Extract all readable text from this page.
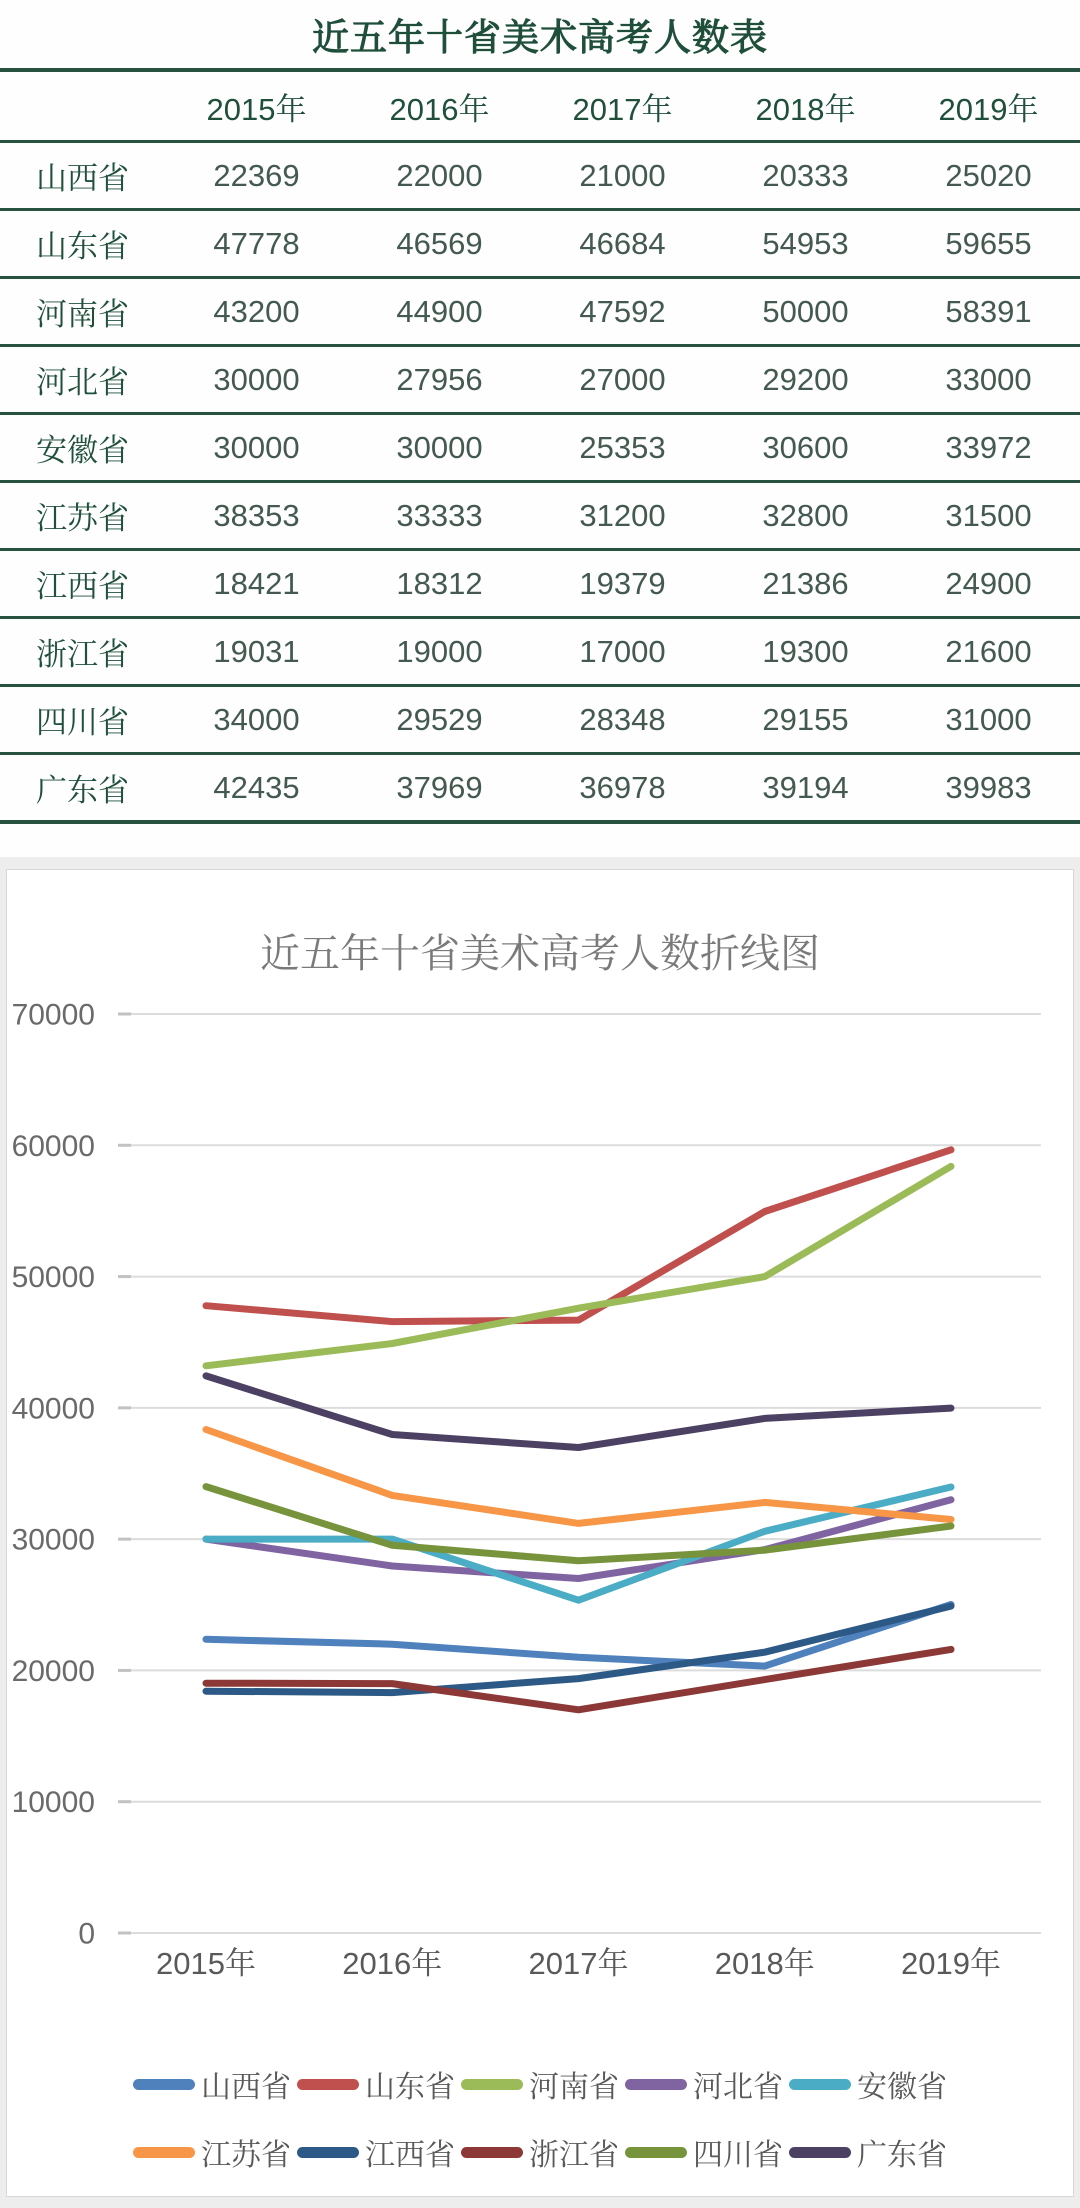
近五年十省美术高考人数表
	2015年	2016年	2017年	2018年	2019年
山西省	22369	22000	21000	20333	25020
山东省	47778	46569	46684	54953	59655
河南省	43200	44900	47592	50000	58391
河北省	30000	27956	27000	29200	33000
安徽省	30000	30000	25353	30600	33972
江苏省	38353	33333	31200	32800	31500
江西省	18421	18312	19379	21386	24900
浙江省	19031	19000	17000	19300	21600
四川省	34000	29529	28348	29155	31000
广东省	42435	37969	36978	39194	39983
近五年十省美术高考人数折线图
0
10000
20000
30000
40000
50000
60000
70000
2015年	2016年	2017年	2018年	2019年
山西省 山东省 河南省 河北省 安徽省
江苏省 江西省 浙江省 四川省 广东省
